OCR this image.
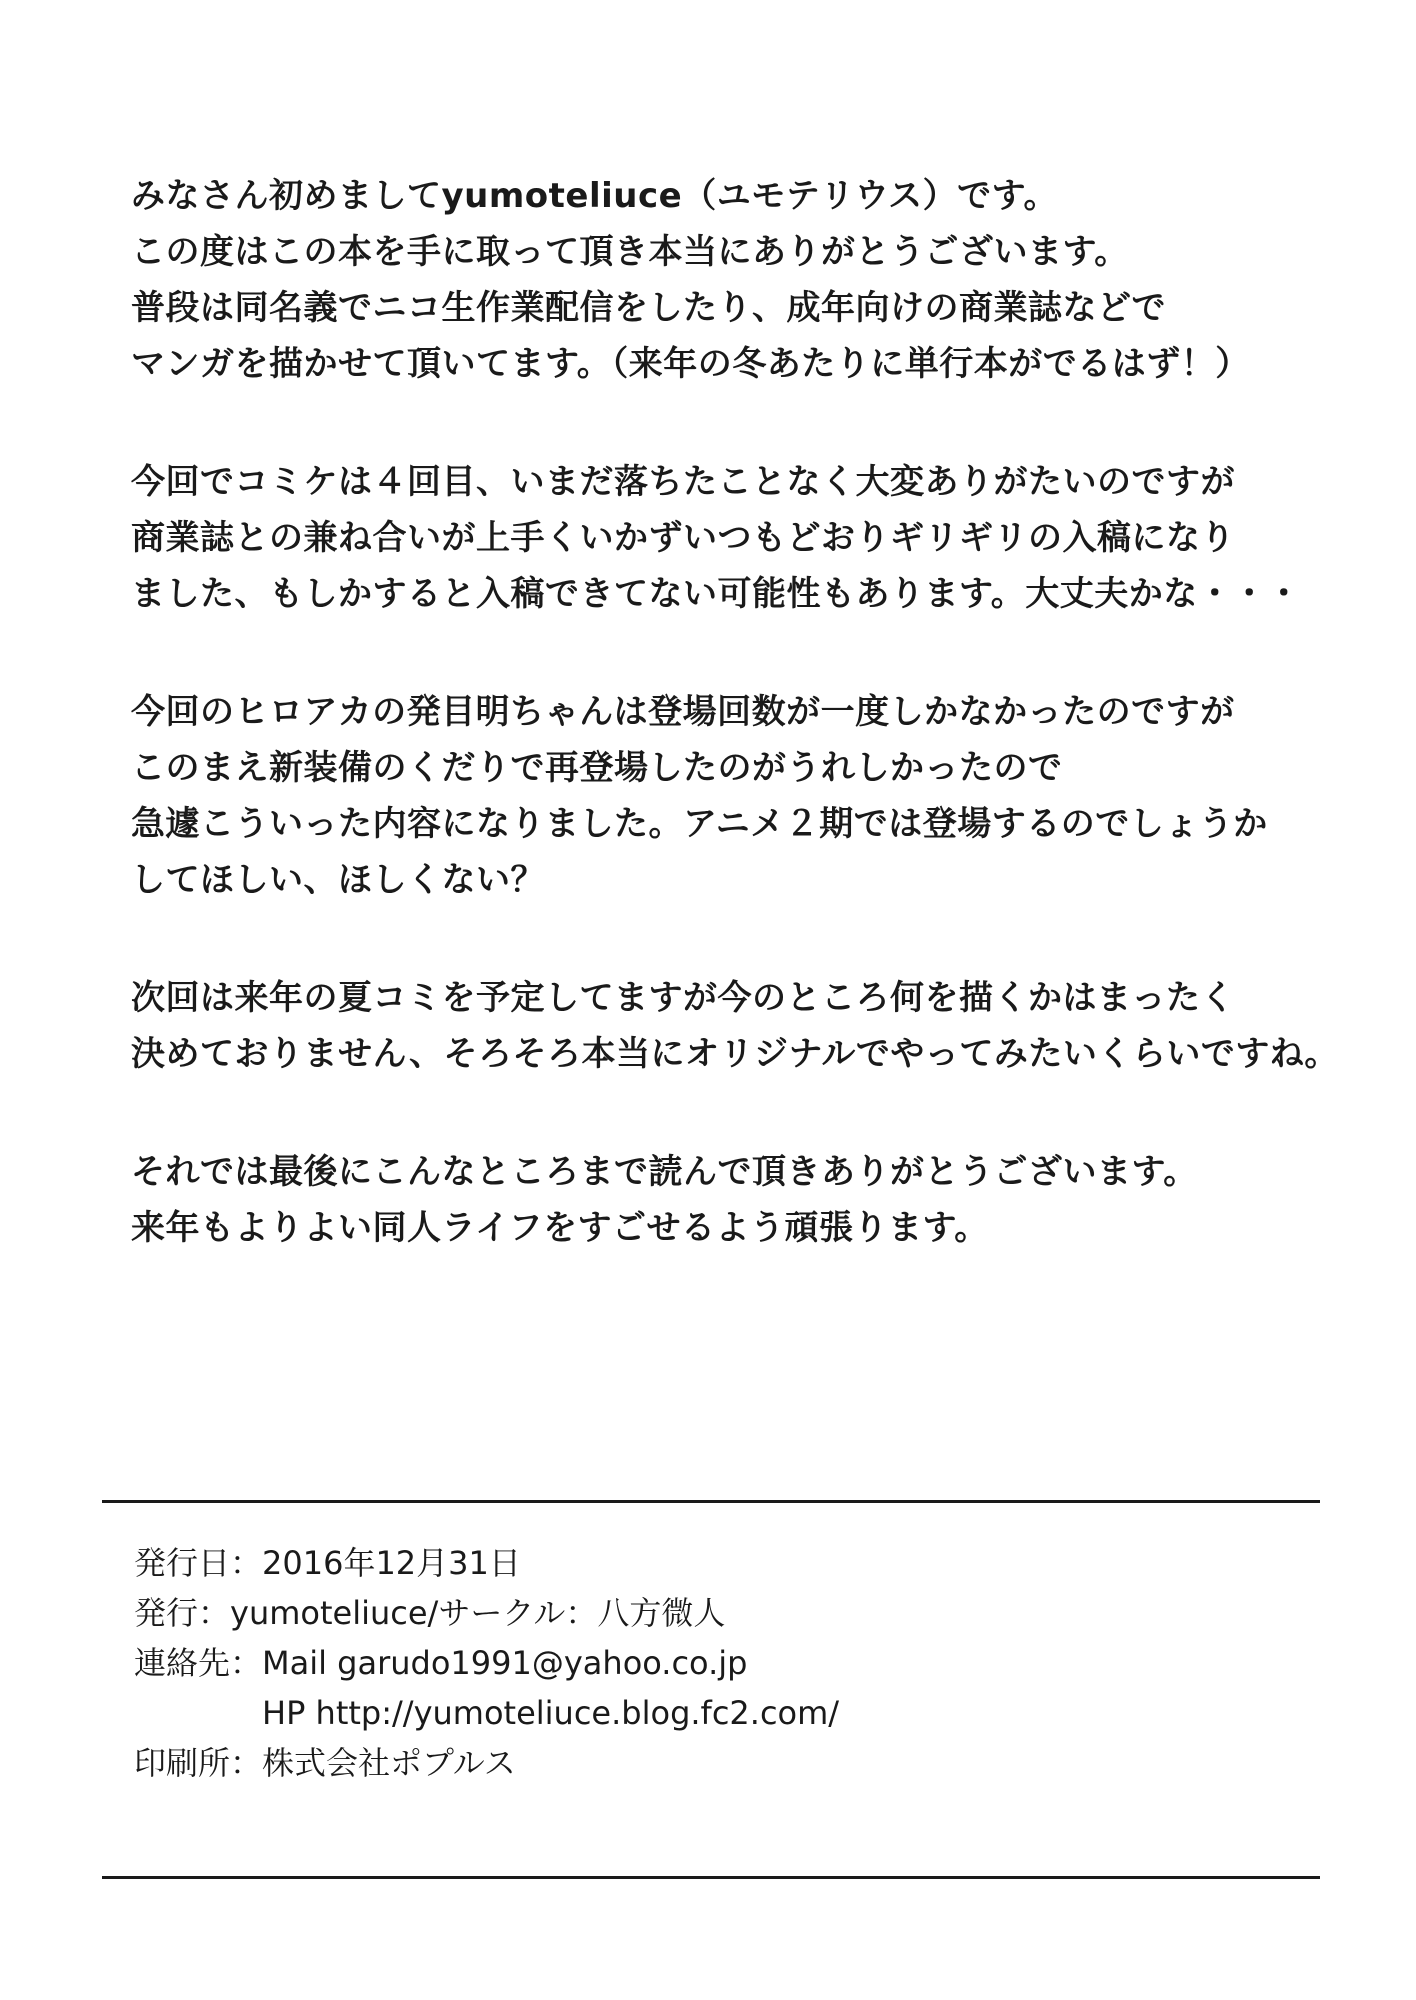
みなさん初めましてyumoteliuce（ユモテリウス）です。
この度はこの本を手に取って頂き本当にありがとうございます。
普段は同名義でニコ生作業配信をしたり、成年向けの商業誌などで
マンガを描かせて頂いてます。（来年の冬あたりに単行本がでるはず！）
今回でコミケは４回目、いまだ落ちたことなく大変ありがたいのですが
商業誌との兼ね合いが上手くいかずいつもどおりギリギリの入稿になり
ました、もしかすると入稿できてない可能性もあります。大丈夫かな・・・
今回のヒロアカの発目明ちゃんは登場回数が一度しかなかったのですが
このまえ新装備のくだりで再登場したのがうれしかったので
急遽こういった内容になりました。アニメ２期では登場するのでしょうか
してほしい、ほしくない？
次回は来年の夏コミを予定してますが今のところ何を描くかはまったく
決めておりません、そろそろ本当にオリジナルでやってみたいくらいですね。
それでは最後にこんなところまで読んで頂きありがとうございます。
来年もよりよい同人ライフをすごせるよう頑張ります。
発行日：2016年12月31日
発行：yumoteliuce/サークル：八方微人
連絡先：Mail garudo1991@yahoo.co.jp
HP http://yumoteliuce.blog.fc2.com/
印刷所：株式会社ポプルス
